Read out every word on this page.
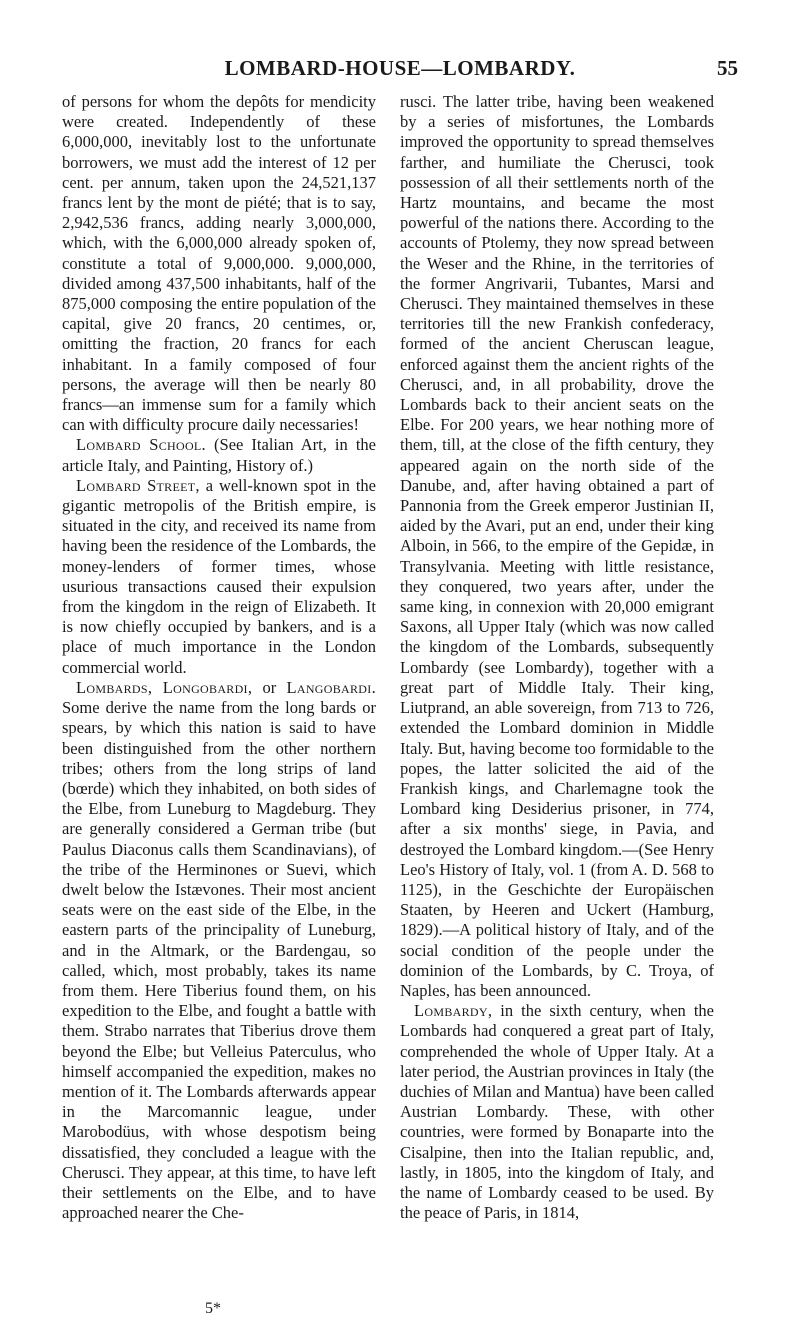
LOMBARD-HOUSE—LOMBARDY.	55

of persons for whom the depôts for mendicity were created. Independently of these 6,000,000, inevitably lost to the unfortunate borrowers, we must add the interest of 12 per cent. per annum, taken upon the 24,521,137 francs lent by the mont de piété; that is to say, 2,942,536 francs, adding nearly 3,000,000, which, with the 6,000,000 already spoken of, constitute a total of 9,000,000. 9,000,000, divided among 437,500 inhabitants, half of the 875,000 composing the entire population of the capital, give 20 francs, 20 centimes, or, omitting the fraction, 20 francs for each inhabitant. In a family composed of four persons, the average will then be nearly 80 francs—an immense sum for a family which can with difficulty procure daily necessaries!

Lombard School. (See Italian Art, in the article Italy, and Painting, History of.)

Lombard Street, a well-known spot in the gigantic metropolis of the British empire, is situated in the city, and received its name from having been the residence of the Lombards, the money-lenders of former times, whose usurious transactions caused their expulsion from the kingdom in the reign of Elizabeth. It is now chiefly occupied by bankers, and is a place of much importance in the London commercial world.

Lombards, Longobardi, or Langobardi. Some derive the name from the long bards or spears, by which this nation is said to have been distinguished from the other northern tribes; others from the long strips of land (bœrde) which they inhabited, on both sides of the Elbe, from Luneburg to Magdeburg. They are generally considered a German tribe (but Paulus Diaconus calls them Scandinavians), of the tribe of the Herminones or Suevi, which dwelt below the Istævones. Their most ancient seats were on the east side of the Elbe, in the eastern parts of the principality of Luneburg, and in the Altmark, or the Bardengau, so called, which, most probably, takes its name from them. Here Tiberius found them, on his expedition to the Elbe, and fought a battle with them. Strabo narrates that Tiberius drove them beyond the Elbe; but Velleius Paterculus, who himself accompanied the expedition, makes no mention of it. The Lombards afterwards appear in the Marcomannic league, under Marobodüus, with whose despotism being dissatisfied, they concluded a league with the Cherusci. They appear, at this time, to have left their settlements on the Elbe, and to have approached nearer the Che-

5*

rusci. The latter tribe, having been weakened by a series of misfortunes, the Lombards improved the opportunity to spread themselves farther, and humiliate the Cherusci, took possession of all their settlements north of the Hartz mountains, and became the most powerful of the nations there. According to the accounts of Ptolemy, they now spread between the Weser and the Rhine, in the territories of the former Angrivarii, Tubantes, Marsi and Cherusci. They maintained themselves in these territories till the new Frankish confederacy, formed of the ancient Cheruscan league, enforced against them the ancient rights of the Cherusci, and, in all probability, drove the Lombards back to their ancient seats on the Elbe. For 200 years, we hear nothing more of them, till, at the close of the fifth century, they appeared again on the north side of the Danube, and, after having obtained a part of Pannonia from the Greek emperor Justinian II, aided by the Avari, put an end, under their king Alboin, in 566, to the empire of the Gepidæ, in Transylvania. Meeting with little resistance, they conquered, two years after, under the same king, in connexion with 20,000 emigrant Saxons, all Upper Italy (which was now called the kingdom of the Lombards, subsequently Lombardy (see Lombardy), together with a great part of Middle Italy. Their king, Liutprand, an able sovereign, from 713 to 726, extended the Lombard dominion in Middle Italy. But, having become too formidable to the popes, the latter solicited the aid of the Frankish kings, and Charlemagne took the Lombard king Desiderius prisoner, in 774, after a six months' siege, in Pavia, and destroyed the Lombard kingdom.—(See Henry Leo's History of Italy, vol. 1 (from A. D. 568 to 1125), in the Geschichte der Europäischen Staaten, by Heeren and Uckert (Hamburg, 1829).—A political history of Italy, and of the social condition of the people under the dominion of the Lombards, by C. Troya, of Naples, has been announced.

Lombardy, in the sixth century, when the Lombards had conquered a great part of Italy, comprehended the whole of Upper Italy. At a later period, the Austrian provinces in Italy (the duchies of Milan and Mantua) have been called Austrian Lombardy. These, with other countries, were formed by Bonaparte into the Cisalpine, then into the Italian republic, and, lastly, in 1805, into the kingdom of Italy, and the name of Lombardy ceased to be used. By the peace of Paris, in 1814,
